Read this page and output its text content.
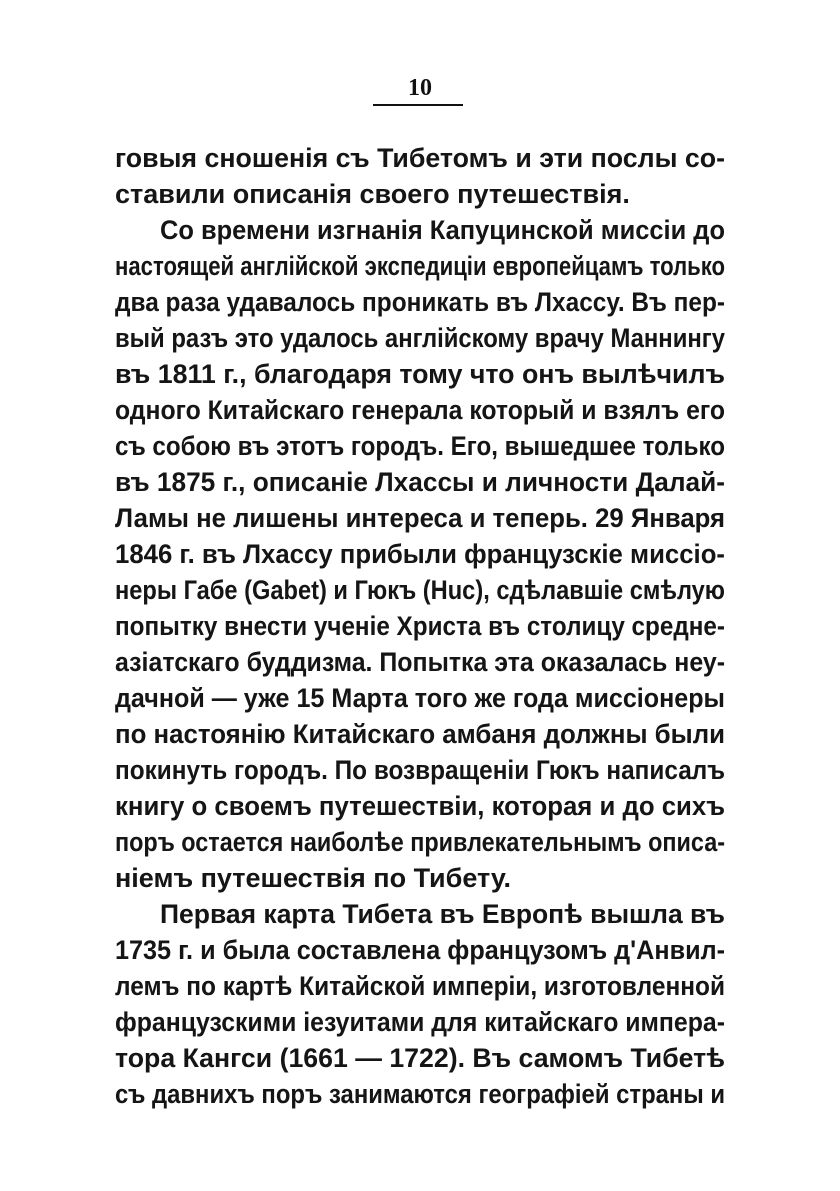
10
говыя сношенія съ Тибетомъ и эти послы со-
ставили описанія своего путешествія.
Со времени изгнанія Капуцинской миссіи до
настоящей англійской экспедиціи европейцамъ только
два раза удавалось проникать въ Лхассу. Въ пер-
вый разъ это удалось англійскому врачу Маннингу
въ 1811 г., благодаря тому что онъ вылѣчилъ
одного Китайскаго генерала который и взялъ его
съ собою въ этотъ городъ. Его, вышедшее только
въ 1875 г., описаніе Лхассы и личности Далай-
Ламы не лишены интереса и теперь. 29 Января
1846 г. въ Лхассу прибыли французскіе миссіо-
неры Габе (Gabet) и Гюкъ (Huc), сдѣлавшіе смѣлую
попытку внести ученіе Христа въ столицу средне-
азіатскаго буддизма. Попытка эта оказалась неу-
дачной — уже 15 Марта того же года миссіонеры
по настоянію Китайскаго амбаня должны были
покинуть городъ. По возвращеніи Гюкъ написалъ
книгу о своемъ путешествіи, которая и до сихъ
поръ остается наиболѣе привлекательнымъ описа-
ніемъ путешествія по Тибету.
Первая карта Тибета въ Европѣ вышла въ
1735 г. и была составлена французомъ д'Анвил-
лемъ по картѣ Китайской имперіи, изготовленной
французскими іезуитами для китайскаго импера-
тора Кангси (1661 — 1722). Въ самомъ Тибетѣ
съ давнихъ поръ занимаются географіей страны и
